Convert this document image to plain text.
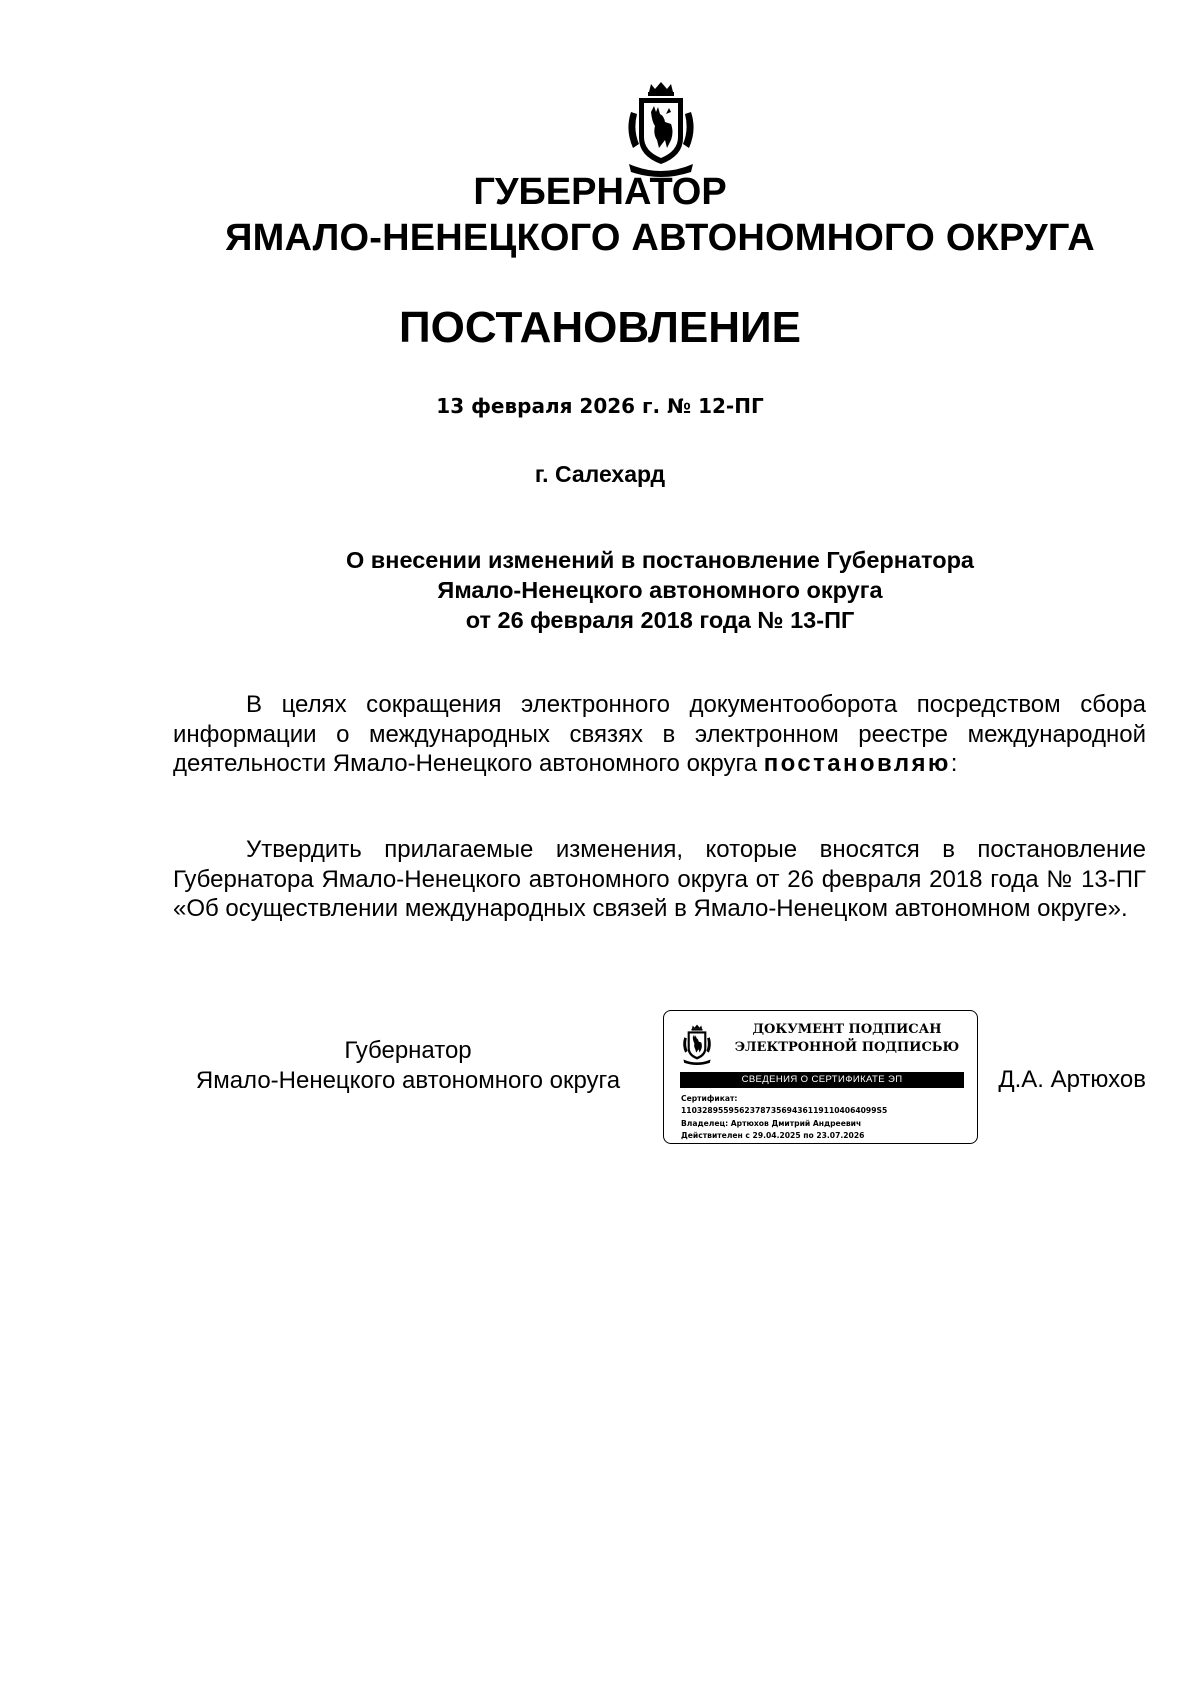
ГУБЕРНАТОР
ЯМАЛО-НЕНЕЦКОГО АВТОНОМНОГО ОКРУГА
ПОСТАНОВЛЕНИЕ
13 февраля 2026 г. № 12-ПГ
г. Салехард
О внесении изменений в постановление Губернатора
Ямало-Ненецкого автономного округа
от 26 февраля 2018 года № 13-ПГ

В целях сокращения электронного документооборота посредством сбора информации о международных связях в электронном реестре международной деятельности Ямало-Ненецкого автономного округа постановляю:

Утвердить прилагаемые изменения, которые вносятся в постановление Губернатора Ямало-Ненецкого автономного округа от 26 февраля 2018 года № 13-ПГ «Об осуществлении международных связей в Ямало-Ненецком автономном округе».

Губернатор
Ямало-Ненецкого автономного округа
ДОКУМЕНТ ПОДПИСАН
ЭЛЕКТРОННОЙ ПОДПИСЬЮ
СВЕДЕНИЯ О СЕРТИФИКАТЕ ЭП
Сертификат:
1103289559562378735694361191104064099S5
Владелец: Артюхов Дмитрий Андреевич
Действителен с 29.04.2025 по 23.07.2026
Д.А. Артюхов
